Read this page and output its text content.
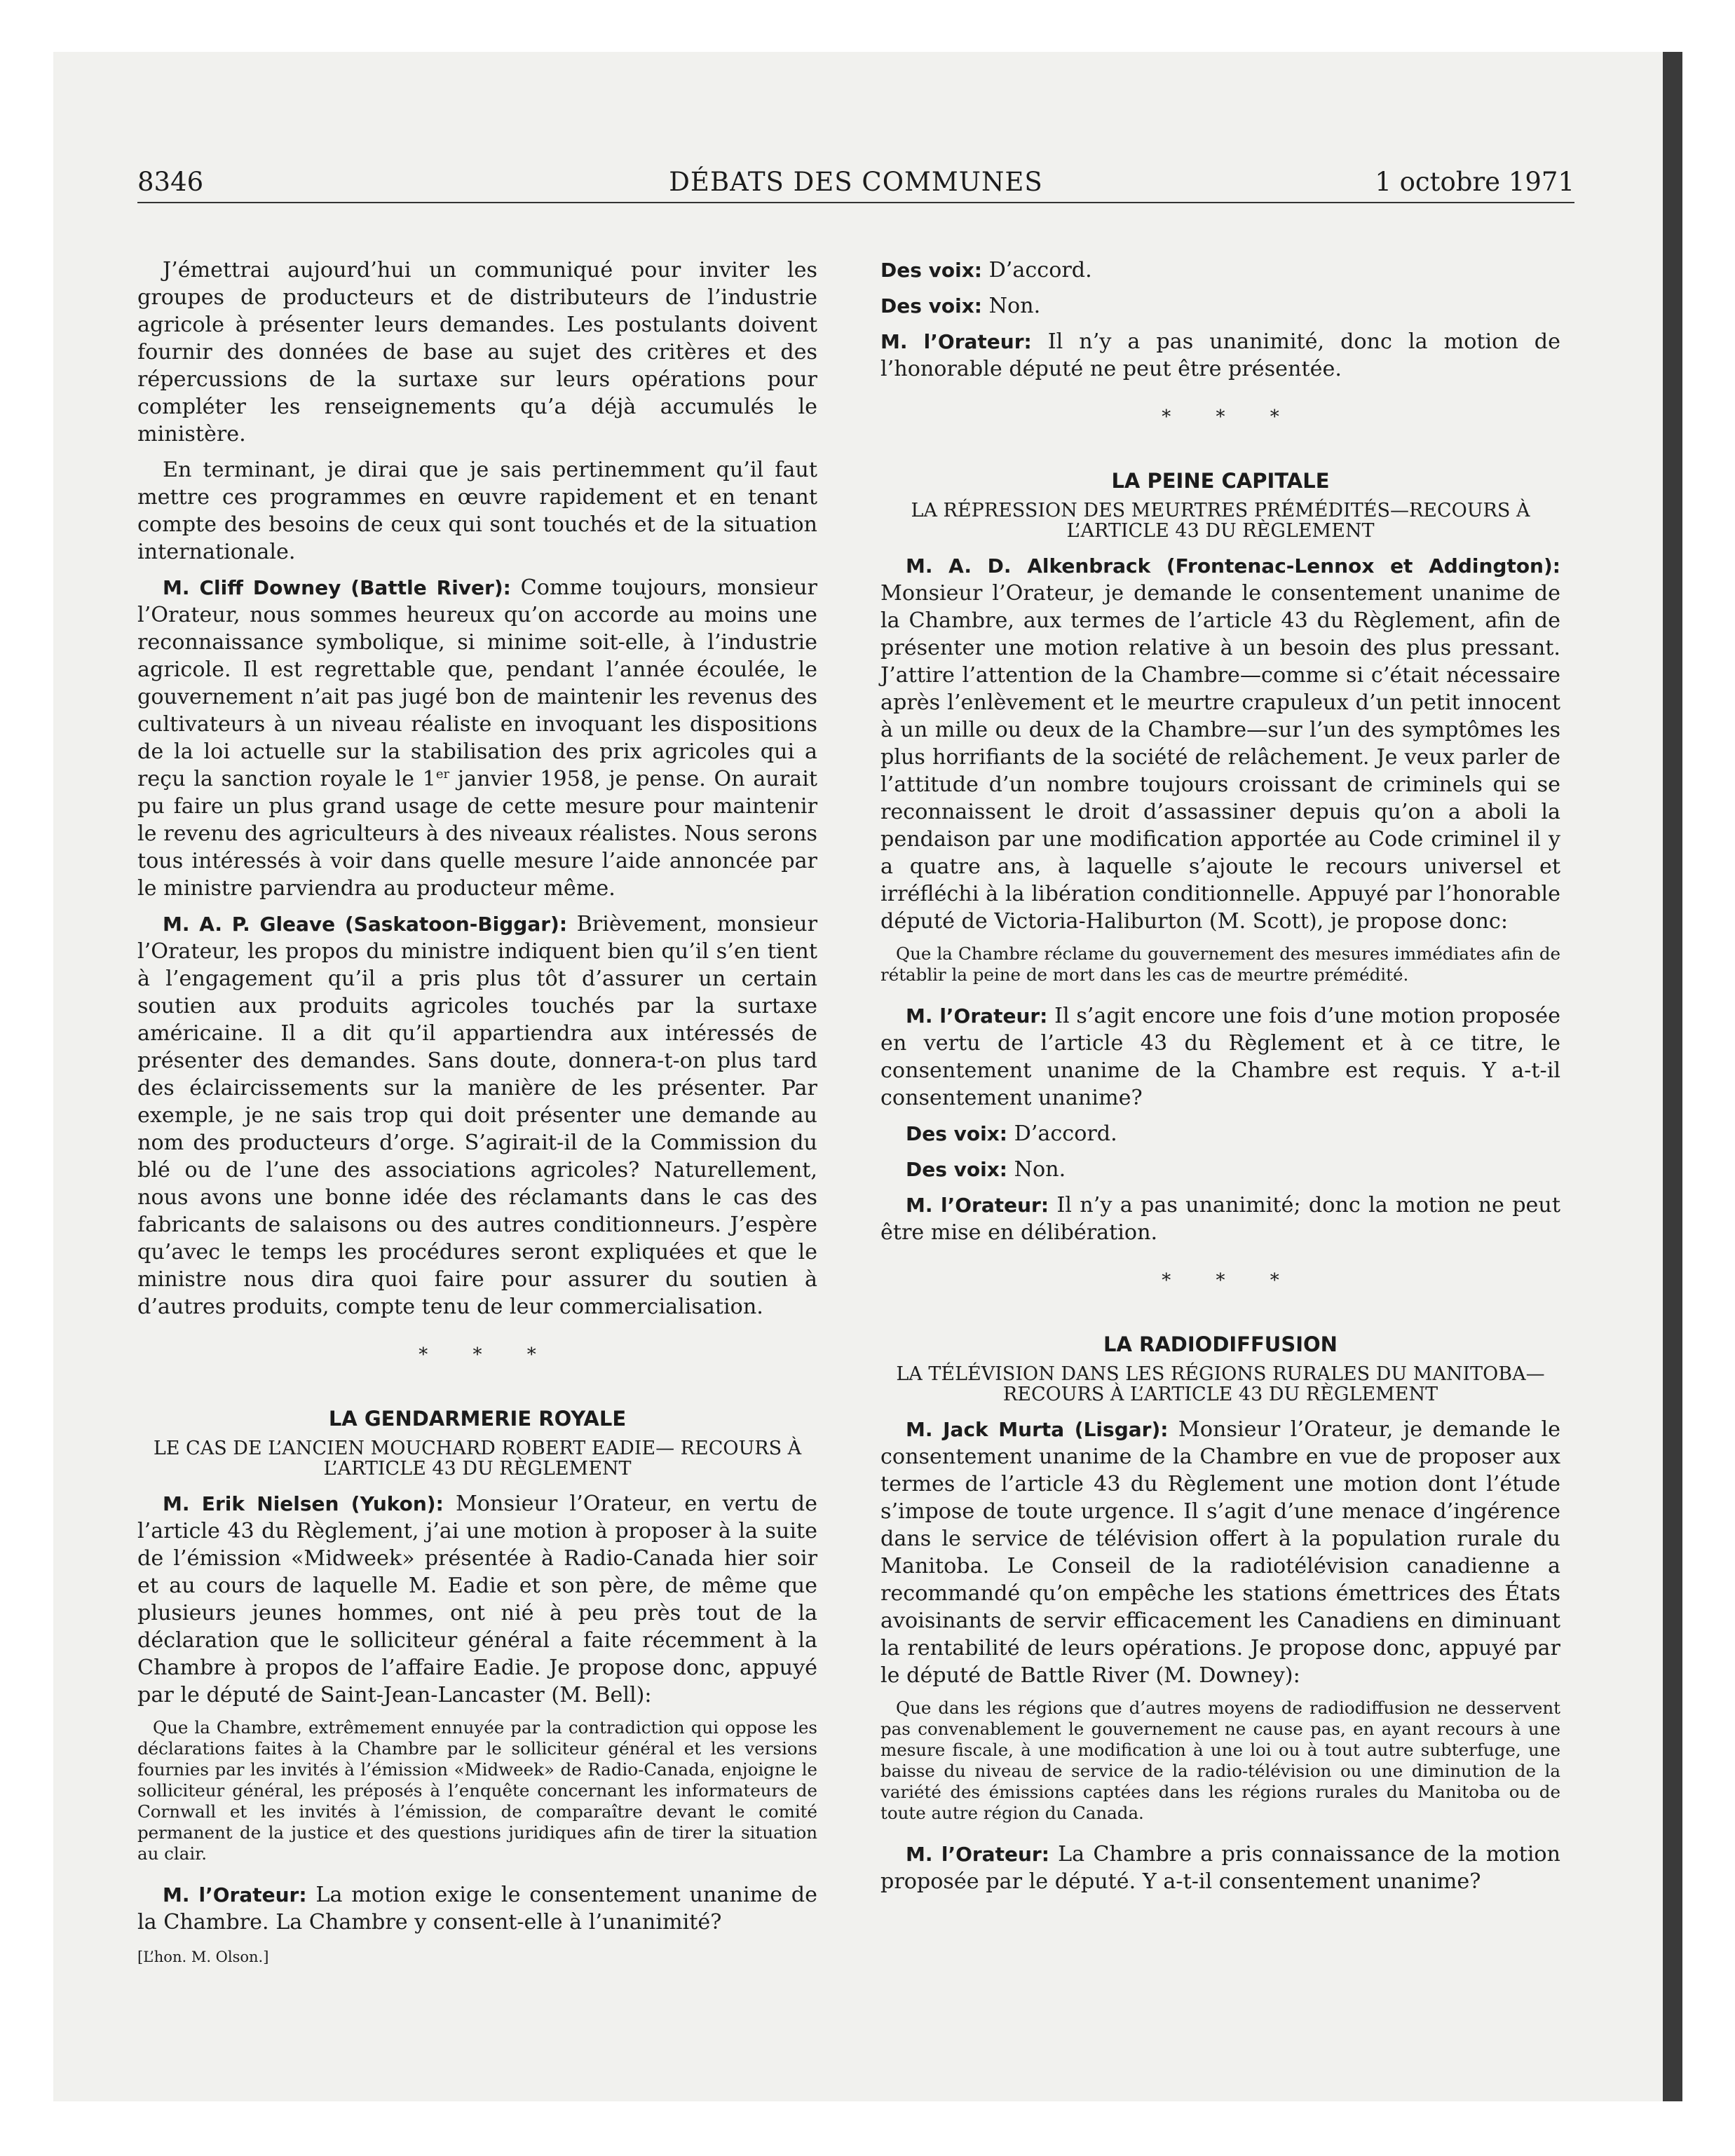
DÉBATS DES COMMUNES
8346	1 octobre 1971

J’émettrai aujourd’hui un communiqué pour inviter les groupes de producteurs et de distributeurs de l’industrie agricole à présenter leurs demandes. Les postulants doivent fournir des données de base au sujet des critères et des répercussions de la surtaxe sur leurs opérations pour compléter les renseignements qu’a déjà accumulés le ministère.

En terminant, je dirai que je sais pertinemment qu’il faut mettre ces programmes en œuvre rapidement et en tenant compte des besoins de ceux qui sont touchés et de la situation internationale.

M. Cliff Downey (Battle River): Comme toujours, monsieur l’Orateur, nous sommes heureux qu’on accorde au moins une reconnaissance symbolique, si minime soit-elle, à l’industrie agricole. Il est regrettable que, pendant l’année écoulée, le gouvernement n’ait pas jugé bon de maintenir les revenus des cultivateurs à un niveau réaliste en invoquant les dispositions de la loi actuelle sur la stabilisation des prix agricoles qui a reçu la sanction royale le 1er janvier 1958, je pense. On aurait pu faire un plus grand usage de cette mesure pour maintenir le revenu des agriculteurs à des niveaux réalistes. Nous serons tous intéressés à voir dans quelle mesure l’aide annoncée par le ministre parviendra au producteur même.

M. A. P. Gleave (Saskatoon-Biggar): Brièvement, monsieur l’Orateur, les propos du ministre indiquent bien qu’il s’en tient à l’engagement qu’il a pris plus tôt d’assurer un certain soutien aux produits agricoles touchés par la surtaxe américaine. Il a dit qu’il appartiendra aux intéressés de présenter des demandes. Sans doute, donnera-t-on plus tard des éclaircissements sur la manière de les présenter. Par exemple, je ne sais trop qui doit présenter une demande au nom des producteurs d’orge. S’agirait-il de la Commission du blé ou de l’une des associations agricoles? Naturellement, nous avons une bonne idée des réclamants dans le cas des fabricants de salaisons ou des autres conditionneurs. J’espère qu’avec le temps les procédures seront expliquées et que le ministre nous dira quoi faire pour assurer du soutien à d’autres produits, compte tenu de leur commercialisation.

* * *
LA GENDARMERIE ROYALE
LE CAS DE L’ANCIEN MOUCHARD ROBERT EADIE— RECOURS À L’ARTICLE 43 DU RÈGLEMENT

M. Erik Nielsen (Yukon): Monsieur l’Orateur, en vertu de l’article 43 du Règlement, j’ai une motion à proposer à la suite de l’émission «Midweek» présentée à Radio-Canada hier soir et au cours de laquelle M. Eadie et son père, de même que plusieurs jeunes hommes, ont nié à peu près tout de la déclaration que le solliciteur général a faite récemment à la Chambre à propos de l’affaire Eadie. Je propose donc, appuyé par le député de Saint-Jean-Lancaster (M. Bell):

Que la Chambre, extrêmement ennuyée par la contradiction qui oppose les déclarations faites à la Chambre par le solliciteur général et les versions fournies par les invités à l’émission «Midweek» de Radio-Canada, enjoigne le solliciteur général, les préposés à l’enquête concernant les informateurs de Cornwall et les invités à l’émission, de comparaître devant le comité permanent de la justice et des questions juridiques afin de tirer la situation au clair.

M. l’Orateur: La motion exige le consentement unanime de la Chambre. La Chambre y consent-elle à l’unanimité?

[L’hon. M. Olson.]

Des voix: D’accord.

Des voix: Non.

M. l’Orateur: Il n’y a pas unanimité, donc la motion de l’honorable député ne peut être présentée.

* * *
LA PEINE CAPITALE
LA RÉPRESSION DES MEURTRES PRÉMÉDITÉS—RECOURS À L’ARTICLE 43 DU RÈGLEMENT

M. A. D. Alkenbrack (Frontenac-Lennox et Addington): Monsieur l’Orateur, je demande le consentement unanime de la Chambre, aux termes de l’article 43 du Règlement, afin de présenter une motion relative à un besoin des plus pressant. J’attire l’attention de la Chambre—comme si c’était nécessaire après l’enlèvement et le meurtre crapuleux d’un petit innocent à un mille ou deux de la Chambre—sur l’un des symptômes les plus horrifiants de la société de relâchement. Je veux parler de l’attitude d’un nombre toujours croissant de criminels qui se reconnaissent le droit d’assassiner depuis qu’on a aboli la pendaison par une modification apportée au Code criminel il y a quatre ans, à laquelle s’ajoute le recours universel et irréfléchi à la libération conditionnelle. Appuyé par l’honorable député de Victoria-Haliburton (M. Scott), je propose donc:

Que la Chambre réclame du gouvernement des mesures immédiates afin de rétablir la peine de mort dans les cas de meurtre prémédité.

M. l’Orateur: Il s’agit encore une fois d’une motion proposée en vertu de l’article 43 du Règlement et à ce titre, le consentement unanime de la Chambre est requis. Y a-t-il consentement unanime?

Des voix: D’accord.

Des voix: Non.

M. l’Orateur: Il n’y a pas unanimité; donc la motion ne peut être mise en délibération.

* * *
LA RADIODIFFUSION
LA TÉLÉVISION DANS LES RÉGIONS RURALES DU MANITOBA—RECOURS À L’ARTICLE 43 DU RÈGLEMENT

M. Jack Murta (Lisgar): Monsieur l’Orateur, je demande le consentement unanime de la Chambre en vue de proposer aux termes de l’article 43 du Règlement une motion dont l’étude s’impose de toute urgence. Il s’agit d’une menace d’ingérence dans le service de télévision offert à la population rurale du Manitoba. Le Conseil de la radiotélévision canadienne a recommandé qu’on empêche les stations émettrices des États avoisinants de servir efficacement les Canadiens en diminuant la rentabilité de leurs opérations. Je propose donc, appuyé par le député de Battle River (M. Downey):

Que dans les régions que d’autres moyens de radiodiffusion ne desservent pas convenablement le gouvernement ne cause pas, en ayant recours à une mesure fiscale, à une modification à une loi ou à tout autre subterfuge, une baisse du niveau de service de la radio-télévision ou une diminution de la variété des émissions captées dans les régions rurales du Manitoba ou de toute autre région du Canada.

M. l’Orateur: La Chambre a pris connaissance de la motion proposée par le député. Y a-t-il consentement unanime?
